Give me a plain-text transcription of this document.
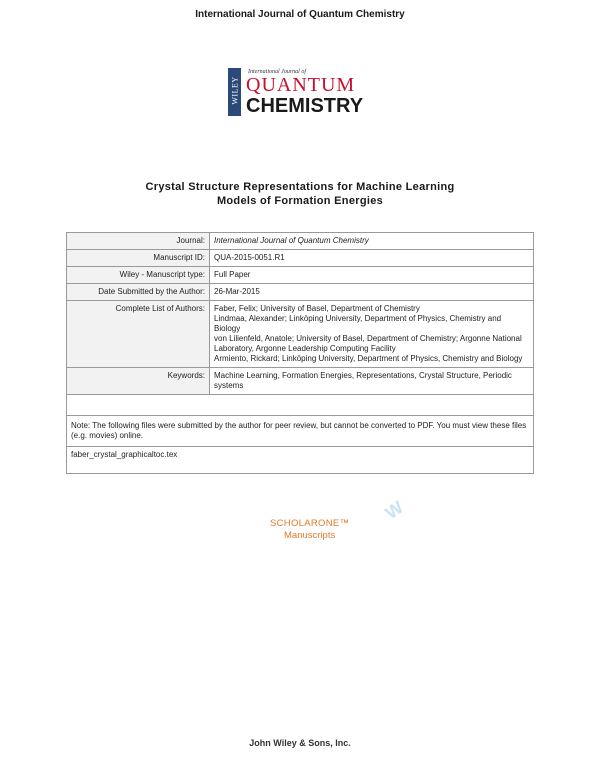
International Journal of Quantum Chemistry
WILEY
International Journal of
QUANTUM
CHEMISTRY
Crystal Structure Representations for Machine Learning
Models of Formation Energies
Journal:	International Journal of Quantum Chemistry
Manuscript ID:	QUA-2015-0051.R1
Wiley - Manuscript type:	Full Paper
Date Submitted by the Author:	26-Mar-2015
Complete List of Authors:	Faber, Felix; University of Basel, Department of Chemistry
Lindmaa, Alexander; Linköping University, Department of Physics, Chemistry and Biology
von Lilienfeld, Anatole; University of Basel, Department of Chemistry; Argonne National Laboratory, Argonne Leadership Computing Facility
Armiento, Rickard; Linköping University, Department of Physics, Chemistry and Biology

Keywords:	Machine Learning, Formation Energies, Representations, Crystal Structure, Periodic systems

Note: The following files were submitted by the author for peer review, but cannot be converted to PDF. You must view these files (e.g. movies) online.	
faber_crystal_graphicaltoc.tex	
W
SCHOLARONE™
Manuscripts
John Wiley & Sons, Inc.
